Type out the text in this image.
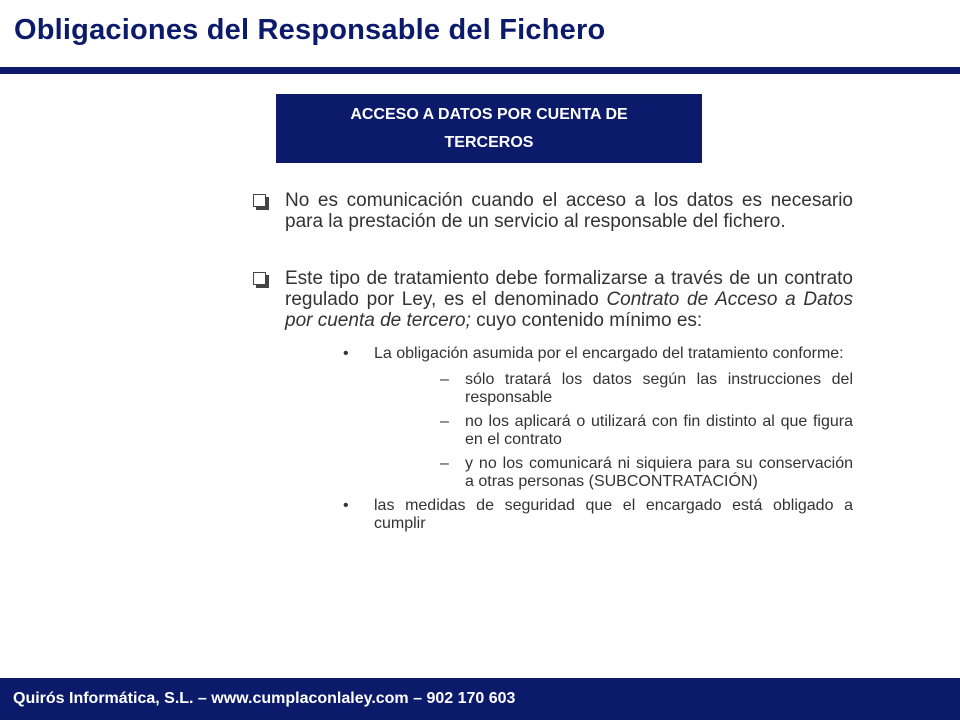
Obligaciones del Responsable del Fichero
ACCESO A DATOS POR CUENTA DE
TERCEROS
No es comunicación cuando el acceso a los datos es necesario para la prestación de un servicio al responsable del fichero.
Este tipo de tratamiento debe formalizarse a través de un contrato regulado por Ley, es el denominado Contrato de Acceso a Datos por cuenta de tercero; cuyo contenido mínimo es:
• La obligación asumida por el encargado del tratamiento conforme:
– sólo tratará los datos según las instrucciones del responsable
– no los aplicará o utilizará con fin distinto al que figura en el contrato
– y no los comunicará ni siquiera para su conservación a otras personas (SUBCONTRATACIÓN)
• las medidas de seguridad que el encargado está obligado a cumplir
Quirós Informática, S.L. – www.cumplaconlaley.com – 902 170 603
